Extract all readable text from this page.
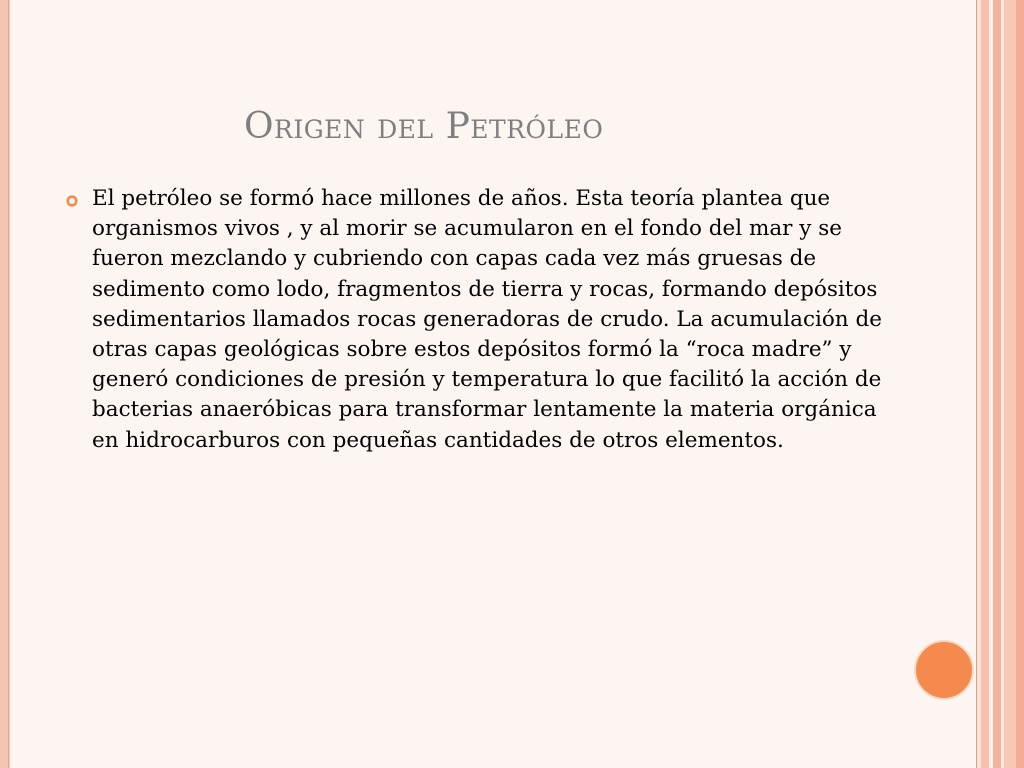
Origen del Petróleo

El petróleo se formó hace millones de años. Esta teoría plantea que organismos vivos , y al morir se acumularon en el fondo del mar y se fueron mezclando y cubriendo con capas cada vez más gruesas de sedimento como lodo, fragmentos de tierra y rocas, formando depósitos sedimentarios llamados rocas generadoras de crudo. La acumulación de otras capas geológicas sobre estos depósitos formó la “roca madre” y generó condiciones de presión y temperatura lo que facilitó la acción de bacterias anaeróbicas para transformar lentamente la materia orgánica en hidrocarburos con pequeñas cantidades de otros elementos.
